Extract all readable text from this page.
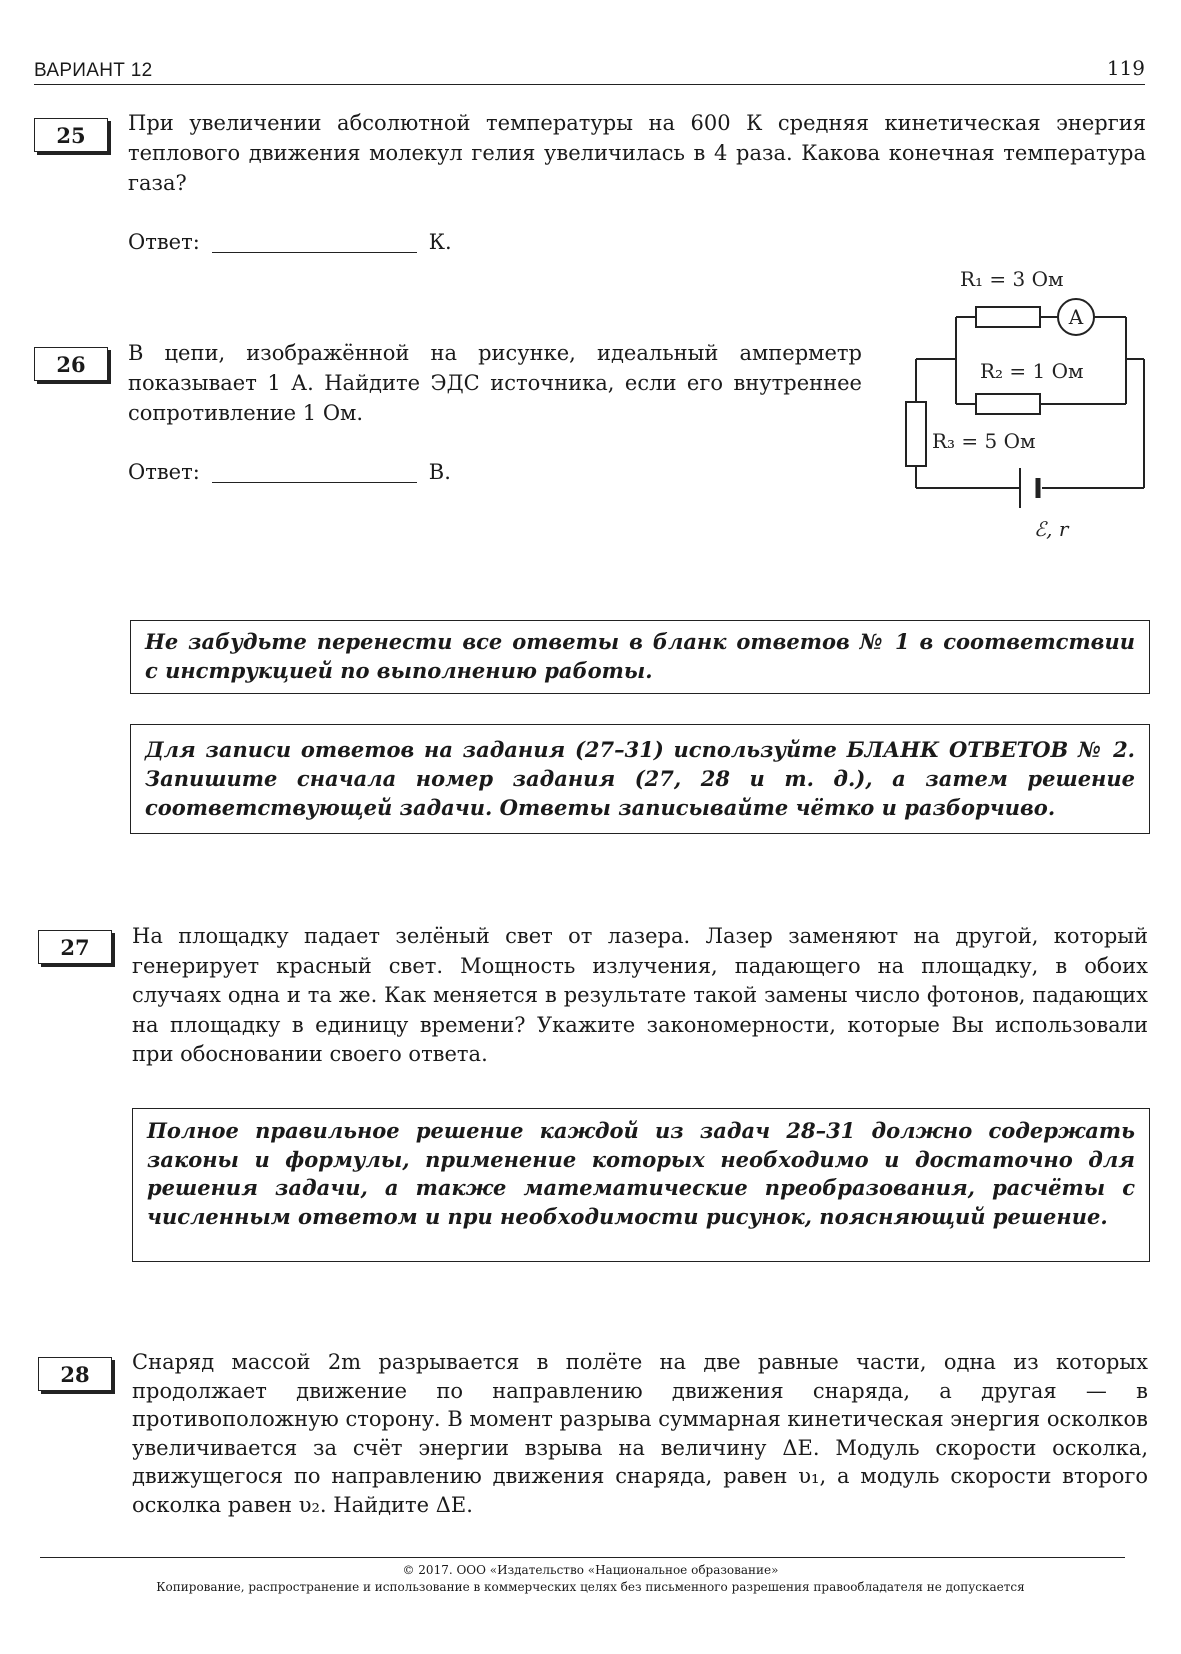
ВАРИАНТ 12	119
25	При увеличении абсолютной температуры на 600 К средняя кинетическая энергия теплового движения молекул гелия увеличилась в 4 раза. Какова конечная температура газа?
Ответ:	К.
26	В цепи, изображённой на рисунке, идеальный амперметр показывает 1 А. Найдите ЭДС источника, если его внутреннее сопротивление 1 Ом.
Ответ:	В.
A
R₁ = 3 Ом
R₂ = 1 Ом
R₃ = 5 Ом
ℰ, r
Не забудьте перенести все ответы в бланк ответов № 1 в соответствии
с инструкцией по выполнению работы.
Для записи ответов на задания (27–31) используйте БЛАНК ОТВЕТОВ № 2. Запишите сначала номер задания (27, 28 и т. д.), а затем решение соответствующей задачи. Ответы записывайте чётко и разборчиво.
27	На площадку падает зелёный свет от лазера. Лазер заменяют на другой, который генерирует красный свет. Мощность излучения, падающего на площадку, в обоих случаях одна и та же. Как меняется в результате такой замены число фотонов, падающих на площадку в единицу времени? Укажите закономерности, которые Вы использовали при обосновании своего ответа.
Полное правильное решение каждой из задач 28–31 должно содержать законы и формулы, применение которых необходимо и достаточно для решения задачи, а также математические преобразования, расчёты с численным ответом и при необходимости рисунок, поясняющий решение.
28	Снаряд массой 2m разрывается в полёте на две равные части, одна из которых продолжает движение по направлению движения снаряда, а другая — в противоположную сторону. В момент разрыва суммарная кинетическая энергия осколков увеличивается за счёт энергии взрыва на величину ΔE. Модуль скорости осколка, движущегося по направлению движения снаряда, равен υ₁, а модуль скорости второго осколка равен υ₂. Найдите ΔE.
© 2017. ООО «Издательство «Национальное образование»
Копирование, распространение и использование в коммерческих целях без письменного разрешения правообладателя не допускается
